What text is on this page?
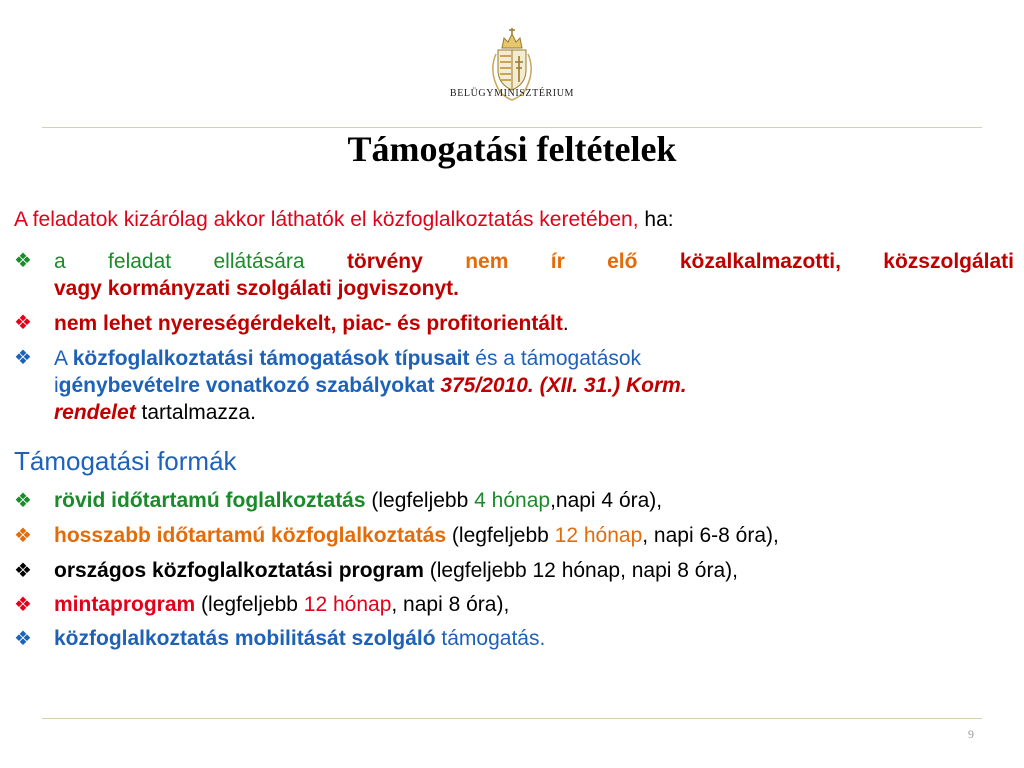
BELÜGYMINISZTÉRIUM
Támogatási feltételek
A feladatok kizárólag akkor láthatók el közfoglalkoztatás keretében, ha:
❖ a feladat ellátására törvény nem ír elő közalkalmazotti, közszolgálati
vagy kormányzati szolgálati jogviszonyt.
❖ nem lehet nyereségérdekelt, piac- és profitorientált.
❖ A közfoglalkoztatási támogatások típusait és a támogatások
igénybevételre vonatkozó szabályokat 375/2010. (XII. 31.) Korm.
rendelet tartalmazza.
Támogatási formák
❖ rövid időtartamú foglalkoztatás (legfeljebb 4 hónap,napi 4 óra),
❖ hosszabb időtartamú közfoglalkoztatás (legfeljebb 12 hónap, napi 6-8 óra),
❖ országos közfoglalkoztatási program (legfeljebb 12 hónap, napi 8 óra),
❖ mintaprogram (legfeljebb 12 hónap, napi 8 óra),
❖ közfoglalkoztatás mobilitását szolgáló támogatás.
9
